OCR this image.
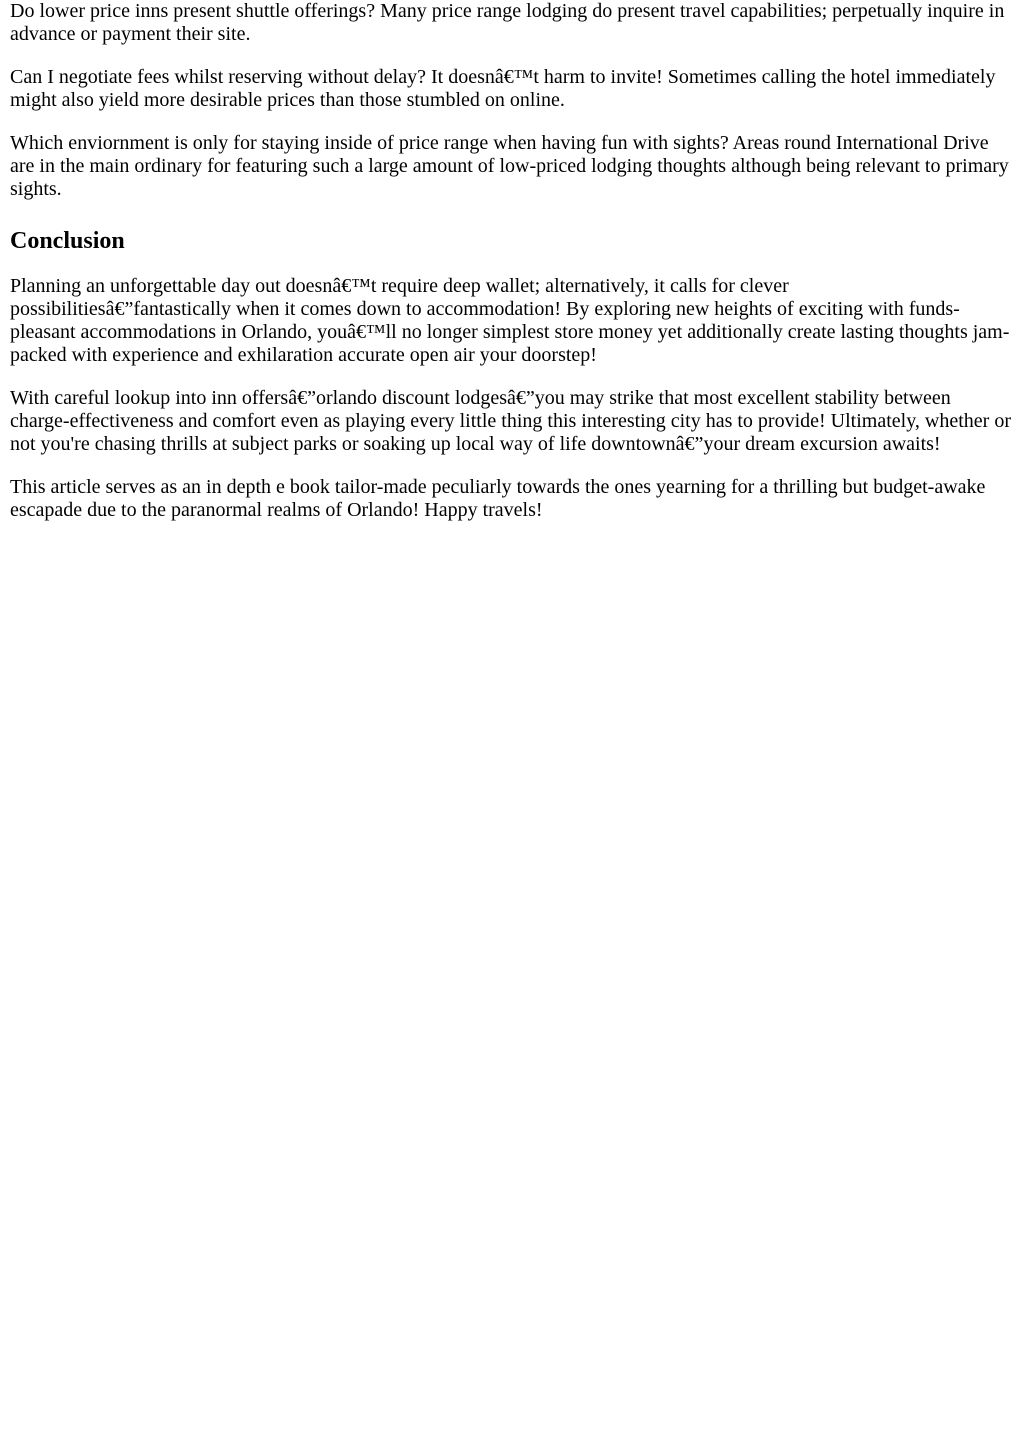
Do lower price inns present shuttle offerings? Many price range lodging do present travel capabilities; perpetually inquire in advance or payment their site.

Can I negotiate fees whilst reserving without delay? It doesnâ€™t harm to invite! Sometimes calling the hotel immediately might also yield more desirable prices than those stumbled on online.

Which enviornment is only for staying inside of price range when having fun with sights? Areas round International Drive are in the main ordinary for featuring such a large amount of low-priced lodging thoughts although being relevant to primary sights.

Conclusion

Planning an unforgettable day out doesnâ€™t require deep wallet; alternatively, it calls for clever possibilitiesâ€”fantastically when it comes down to accommodation! By exploring new heights of exciting with funds-pleasant accommodations in Orlando, youâ€™ll no longer simplest store money yet additionally create lasting thoughts jam-packed with experience and exhilaration accurate open air your doorstep!

With careful lookup into inn offersâ€”orlando discount lodgesâ€”you may strike that most excellent stability between charge-effectiveness and comfort even as playing every little thing this interesting city has to provide! Ultimately, whether or not you're chasing thrills at subject parks or soaking up local way of life downtownâ€”your dream excursion awaits!

This article serves as an in depth e book tailor-made peculiarly towards the ones yearning for a thrilling but budget-awake escapade due to the paranormal realms of Orlando! Happy travels!
